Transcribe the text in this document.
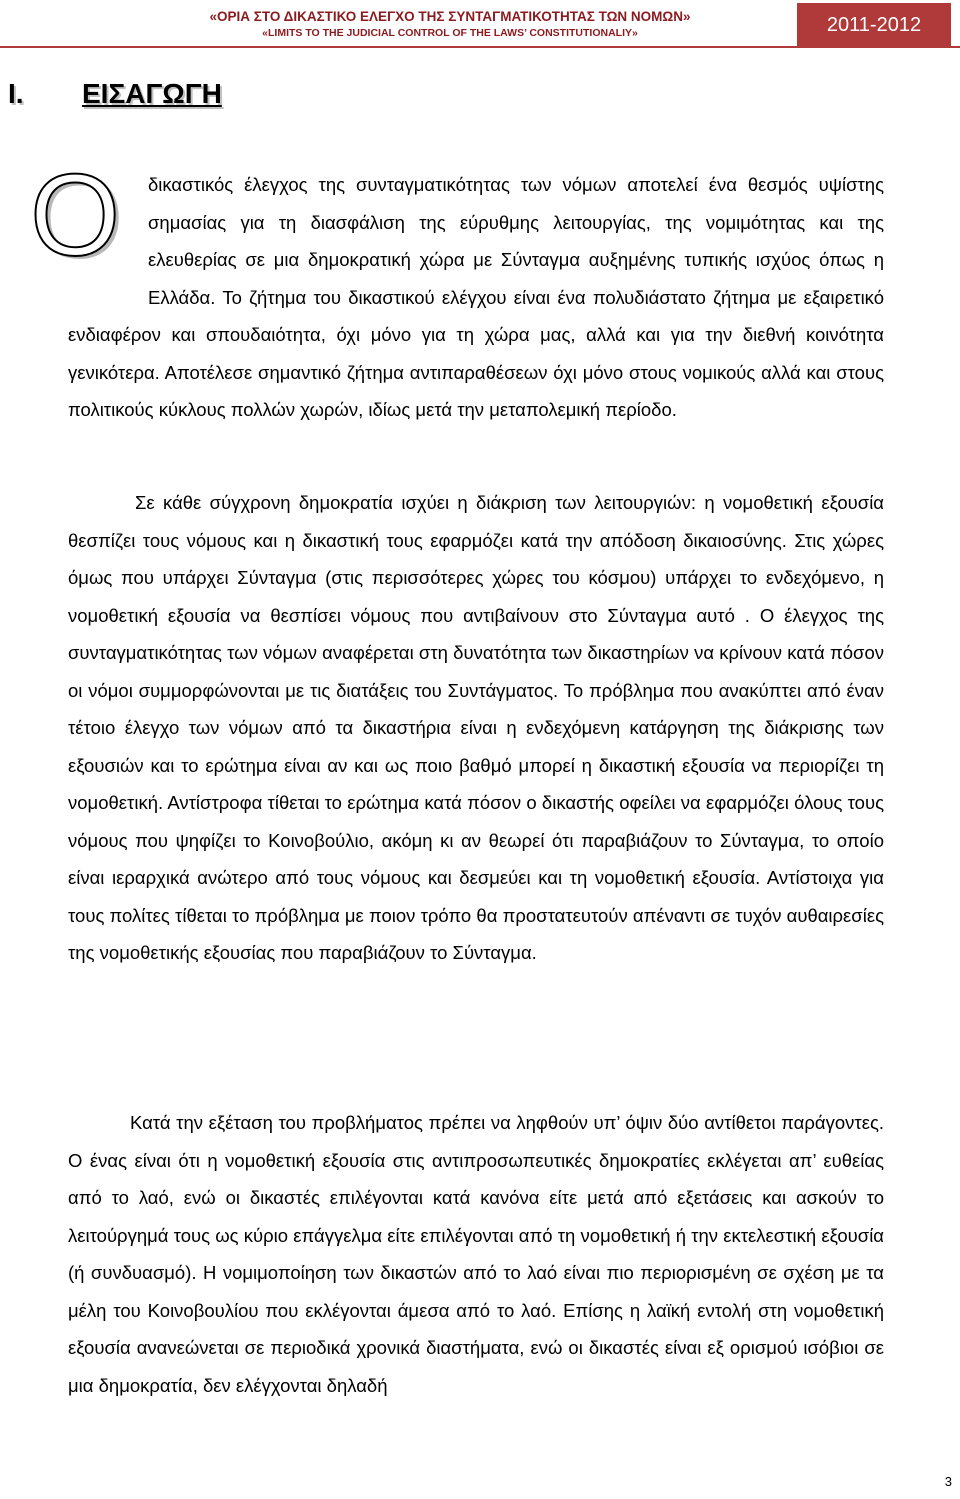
«ΟΡΙΑ ΣΤΟ ΔΙΚΑΣΤΙΚΟ ΕΛΕΓΧΟ ΤΗΣ ΣΥΝΤΑΓΜΑΤΙΚΟΤΗΤΑΣ ΤΩΝ ΝΟΜΩΝ»
«LIMITS TO THE JUDICIAL CONTROL OF THE LAWS’ CONSTITUTIONALIY»	2011-2012
I. ΕΙΣΑΓΩΓΗ
Ο	δικαστικός έλεγχος της συνταγματικότητας των νόμων αποτελεί ένα θεσμός υψίστης σημασίας για τη διασφάλιση της εύρυθμης λειτουργίας, της νομιμότητας και της ελευθερίας σε μια δημοκρατική χώρα με Σύνταγμα αυξημένης τυπικής ισχύος όπως η Ελλάδα. Το ζήτημα του δικαστικού ελέγχου είναι ένα πολυδιάστατο ζήτημα με εξαιρετικό ενδιαφέρον και σπουδαιότητα, όχι μόνο για τη χώρα μας, αλλά και για την διεθνή κοινότητα γενικότερα. Αποτέλεσε σημαντικό ζήτημα αντιπαραθέσεων όχι μόνο στους νομικούς αλλά και στους πολιτικούς κύκλους πολλών χωρών, ιδίως μετά την μεταπολεμική περίοδο.

Σε κάθε σύγχρονη δημοκρατία ισχύει η διάκριση των λειτουργιών: η νομοθετική εξουσία θεσπίζει τους νόμους και η δικαστική τους εφαρμόζει κατά την απόδοση δικαιοσύνης. Στις χώρες όμως που υπάρχει Σύνταγμα (στις περισσότερες χώρες του κόσμου) υπάρχει το ενδεχόμενο, η νομοθετική εξουσία να θεσπίσει νόμους που αντιβαίνουν στο Σύνταγμα αυτό . Ο έλεγχος της συνταγματικότητας των νόμων αναφέρεται στη δυνατότητα των δικαστηρίων να κρίνουν κατά πόσον οι νόμοι συμμορφώνονται με τις διατάξεις του Συντάγματος. Το πρόβλημα που ανακύπτει από έναν τέτοιο έλεγχο των νόμων από τα δικαστήρια είναι η ενδεχόμενη κατάργηση της διάκρισης των εξουσιών και το ερώτημα είναι αν και ως ποιο βαθμό μπορεί η δικαστική εξουσία να περιορίζει τη νομοθετική. Αντίστροφα τίθεται το ερώτημα κατά πόσον ο δικαστής οφείλει να εφαρμόζει όλους τους νόμους που ψηφίζει το Κοινοβούλιο, ακόμη κι αν θεωρεί ότι παραβιάζουν το Σύνταγμα, το οποίο είναι ιεραρχικά ανώτερο από τους νόμους και δεσμεύει και τη νομοθετική εξουσία. Αντίστοιχα για τους πολίτες τίθεται το πρόβλημα με ποιον τρόπο θα προστατευτούν απέναντι σε τυχόν αυθαιρεσίες της νομοθετικής εξουσίας που παραβιάζουν το Σύνταγμα.

Κατά την εξέταση του προβλήματος πρέπει να ληφθούν υπ’ όψιν δύο αντίθετοι παράγοντες. Ο ένας είναι ότι η νομοθετική εξουσία στις αντιπροσωπευτικές δημοκρατίες εκλέγεται απ’ ευθείας από το λαό, ενώ οι δικαστές επιλέγονται κατά κανόνα είτε μετά από εξετάσεις και ασκούν το λειτούργημά τους ως κύριο επάγγελμα είτε επιλέγονται από τη νομοθετική ή την εκτελεστική εξουσία (ή συνδυασμό). Η νομιμοποίηση των δικαστών από το λαό είναι πιο περιορισμένη σε σχέση με τα μέλη του Κοινοβουλίου που εκλέγονται άμεσα από το λαό. Επίσης η λαϊκή εντολή στη νομοθετική εξουσία ανανεώνεται σε περιοδικά χρονικά διαστήματα, ενώ οι δικαστές είναι εξ ορισμού ισόβιοι σε μια δημοκρατία, δεν ελέγχονται δηλαδή

3
